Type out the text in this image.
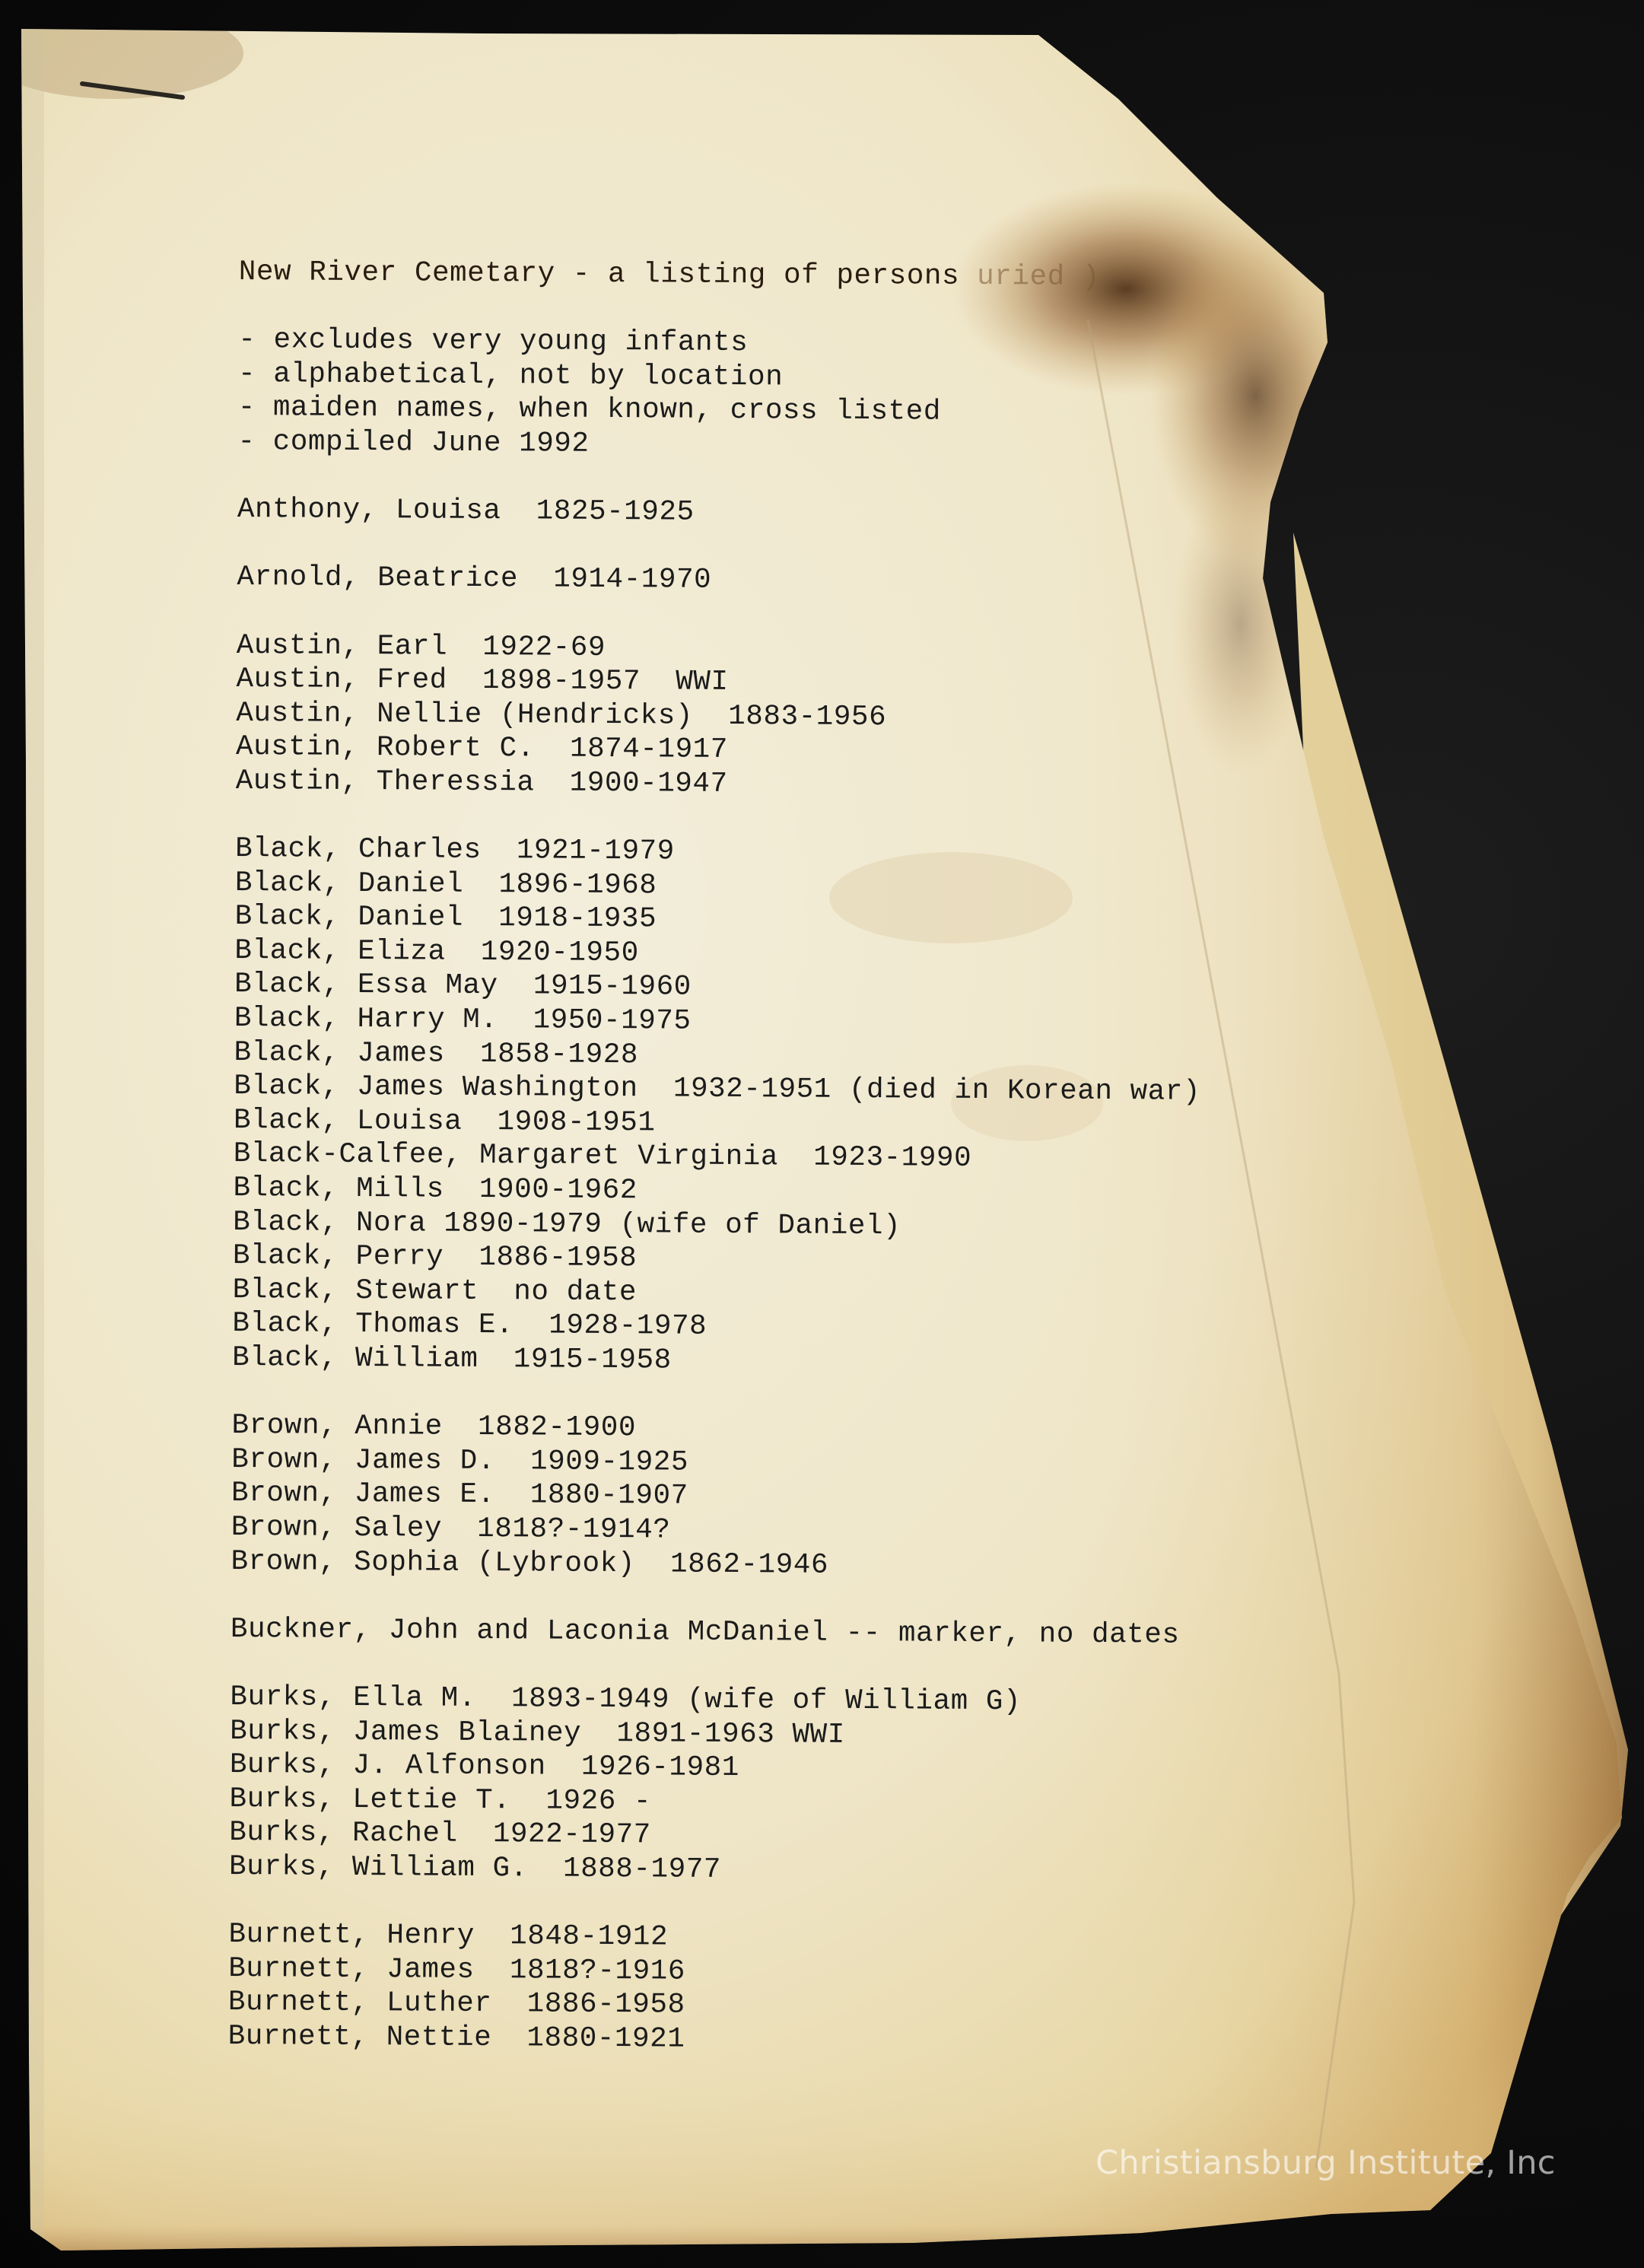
New River Cemetary - a listing of persons uried )
- excludes very young infants
- alphabetical, not by location
- maiden names, when known, cross listed
- compiled June 1992
Anthony, Louisa  1825-1925
Arnold, Beatrice  1914-1970
Austin, Earl  1922-69
Austin, Fred  1898-1957  WWI
Austin, Nellie (Hendricks)  1883-1956
Austin, Robert C.  1874-1917
Austin, Theressia  1900-1947
Black, Charles  1921-1979
Black, Daniel  1896-1968
Black, Daniel  1918-1935
Black, Eliza  1920-1950
Black, Essa May  1915-1960
Black, Harry M.  1950-1975
Black, James  1858-1928
Black, James Washington  1932-1951 (died in Korean war)
Black, Louisa  1908-1951
Black-Calfee, Margaret Virginia  1923-1990
Black, Mills  1900-1962
Black, Nora 1890-1979 (wife of Daniel)
Black, Perry  1886-1958
Black, Stewart  no date
Black, Thomas E.  1928-1978
Black, William  1915-1958
Brown, Annie  1882-1900
Brown, James D.  1909-1925
Brown, James E.  1880-1907
Brown, Saley  1818?-1914?
Brown, Sophia (Lybrook)  1862-1946
Buckner, John and Laconia McDaniel -- marker, no dates
Burks, Ella M.  1893-1949 (wife of William G)
Burks, James Blainey  1891-1963 WWI
Burks, J. Alfonson  1926-1981
Burks, Lettie T.  1926 -
Burks, Rachel  1922-1977
Burks, William G.  1888-1977
Burnett, Henry  1848-1912
Burnett, James  1818?-1916
Burnett, Luther  1886-1958
Burnett, Nettie  1880-1921
Christiansburg Institute, Inc
